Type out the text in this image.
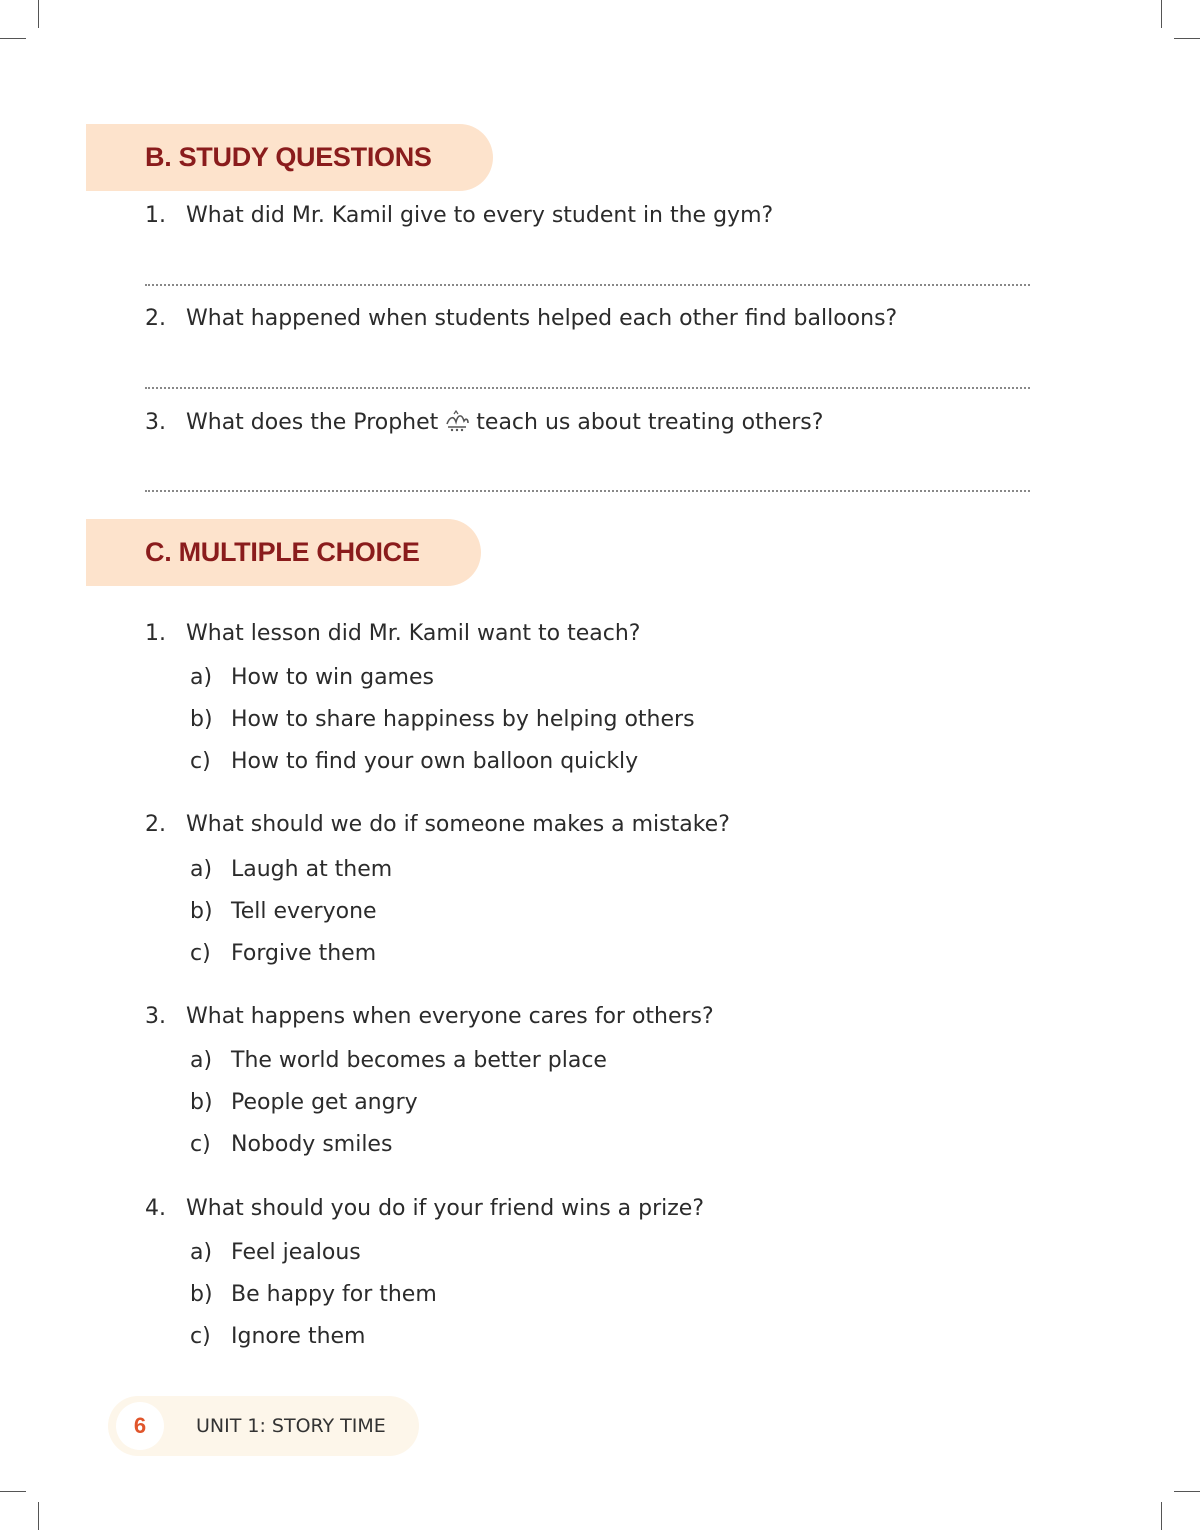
B. STUDY QUESTIONS
1. What did Mr. Kamil give to every student in the gym?
2. What happened when students helped each other find balloons?
3. What does the Prophet teach us about treating others?
C. MULTIPLE CHOICE
1. What lesson did Mr. Kamil want to teach?
a) How to win games
b) How to share happiness by helping others
c) How to find your own balloon quickly
2. What should we do if someone makes a mistake?
a) Laugh at them
b) Tell everyone
c) Forgive them
3. What happens when everyone cares for others?
a) The world becomes a better place
b) People get angry
c) Nobody smiles
4. What should you do if your friend wins a prize?
a) Feel jealous
b) Be happy for them
c) Ignore them
6	UNIT 1: STORY TIME
